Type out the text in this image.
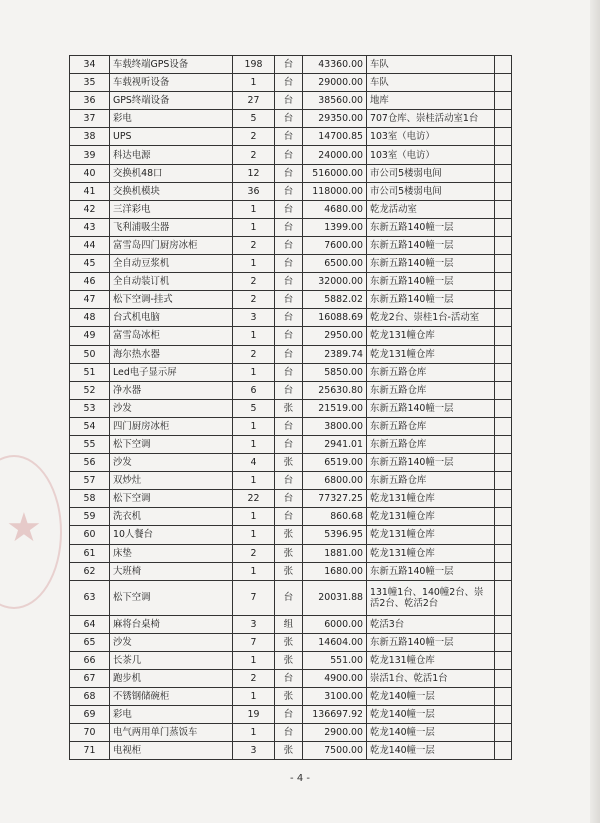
★
34	车载终端GPS设备	198	台	43360.00	车队	
35	车载视听设备	1	台	29000.00	车队	
36	GPS终端设备	27	台	38560.00	地库	
37	彩电	5	台	29350.00	707仓库、崇桂活动室1台	
38	UPS	2	台	14700.85	103室（电访）	
39	科达电源	2	台	24000.00	103室（电访）	
40	交换机48口	12	台	516000.00	市公司5楼弱电间	
41	交换机模块	36	台	118000.00	市公司5楼弱电间	
42	三洋彩电	1	台	4680.00	乾龙活动室	
43	飞利浦吸尘器	1	台	1399.00	东新五路140幢一层	
44	富雪岛四门厨房冰柜	2	台	7600.00	东新五路140幢一层	
45	全自动豆浆机	1	台	6500.00	东新五路140幢一层	
46	全自动装订机	2	台	32000.00	东新五路140幢一层	
47	松下空调-挂式	2	台	5882.02	东新五路140幢一层	
48	台式机电脑	3	台	16088.69	乾龙2台、崇桂1台-活动室	
49	富雪岛冰柜	1	台	2950.00	乾龙131幢仓库	
50	海尔热水器	2	台	2389.74	乾龙131幢仓库	
51	Led电子显示屏	1	台	5850.00	东新五路仓库	
52	净水器	6	台	25630.80	东新五路仓库	
53	沙发	5	张	21519.00	东新五路140幢一层	
54	四门厨房冰柜	1	台	3800.00	东新五路仓库	
55	松下空调	1	台	2941.01	东新五路仓库	
56	沙发	4	张	6519.00	东新五路140幢一层	
57	双炒灶	1	台	6800.00	东新五路仓库	
58	松下空调	22	台	77327.25	乾龙131幢仓库	
59	洗衣机	1	台	860.68	乾龙131幢仓库	
60	10人餐台	1	张	5396.95	乾龙131幢仓库	
61	床垫	2	张	1881.00	乾龙131幢仓库	
62	大班椅	1	张	1680.00	东新五路140幢一层	
63	松下空调	7	台	20031.88	131幢1台、140幢2台、崇活2台、乾活2台	
64	麻将台桌椅	3	组	6000.00	乾活3台	
65	沙发	7	张	14604.00	东新五路140幢一层	
66	长茶几	1	张	551.00	乾龙131幢仓库	
67	跑步机	2	台	4900.00	崇活1台、乾活1台	
68	不锈钢储碗柜	1	张	3100.00	乾龙140幢一层	
69	彩电	19	台	136697.92	乾龙140幢一层	
70	电气两用单门蒸饭车	1	台	2900.00	乾龙140幢一层	
71	电视柜	3	张	7500.00	乾龙140幢一层	
- 4 -
